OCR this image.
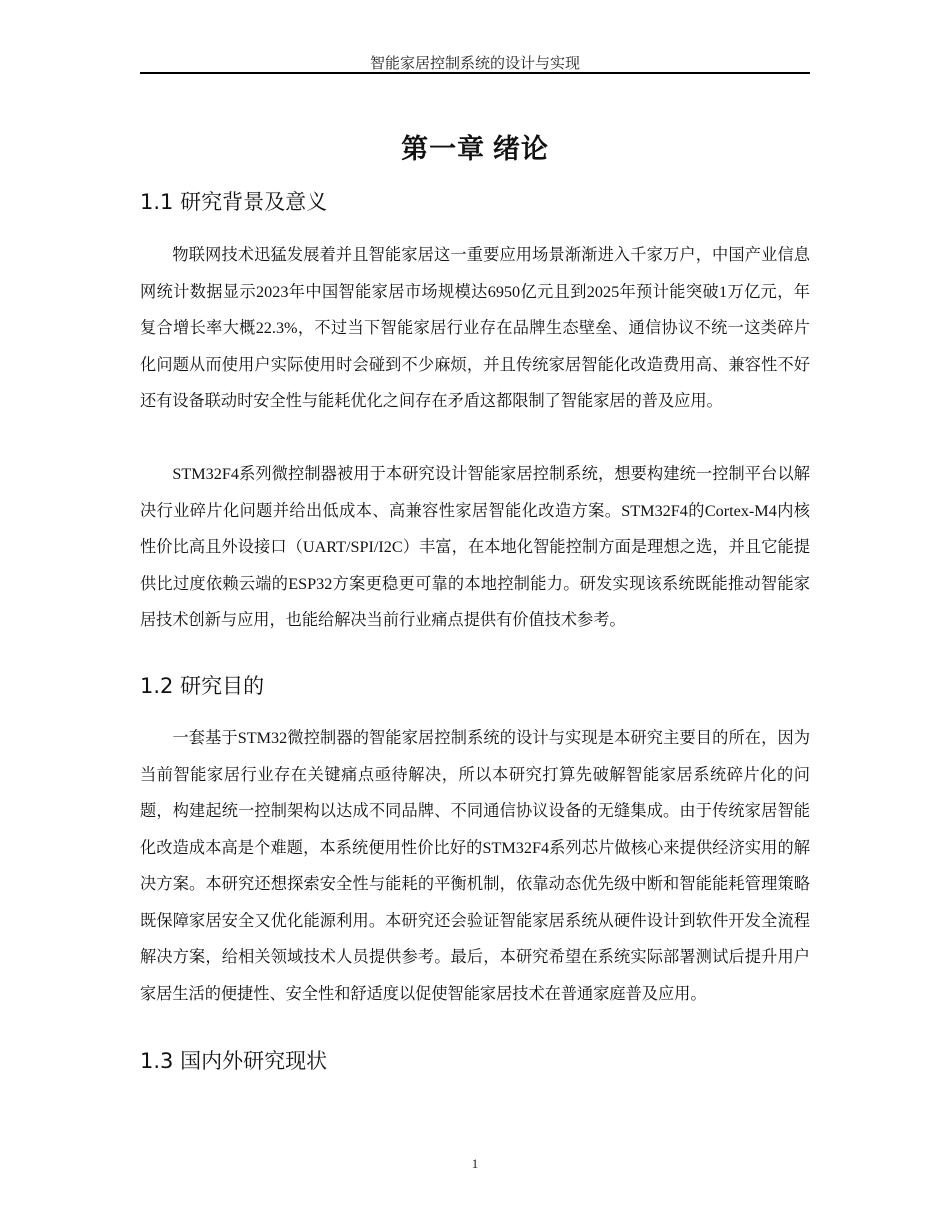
智能家居控制系统的设计与实现
第一章 绪论
1.1 研究背景及意义

物联网技术迅猛发展着并且智能家居这一重要应用场景渐渐进入千家万户，中国产业信息网统计数据显示2023年中国智能家居市场规模达6950亿元且到2025年预计能突破1万亿元，年复合增长率大概22.3%，不过当下智能家居行业存在品牌生态壁垒、通信协议不统一这类碎片化问题从而使用户实际使用时会碰到不少麻烦，并且传统家居智能化改造费用高、兼容性不好还有设备联动时安全性与能耗优化之间存在矛盾这都限制了智能家居的普及应用。

STM32F4系列微控制器被用于本研究设计智能家居控制系统，想要构建统一控制平台以解决行业碎片化问题并给出低成本、高兼容性家居智能化改造方案。STM32F4的Cortex-M4内核性价比高且外设接口（UART/SPI/I2C）丰富，在本地化智能控制方面是理想之选，并且它能提供比过度依赖云端的ESP32方案更稳更可靠的本地控制能力。研发实现该系统既能推动智能家居技术创新与应用，也能给解决当前行业痛点提供有价值技术参考。

1.2 研究目的

一套基于STM32微控制器的智能家居控制系统的设计与实现是本研究主要目的所在，因为当前智能家居行业存在关键痛点亟待解决，所以本研究打算先破解智能家居系统碎片化的问题，构建起统一控制架构以达成不同品牌、不同通信协议设备的无缝集成。由于传统家居智能化改造成本高是个难题，本系统便用性价比好的STM32F4系列芯片做核心来提供经济实用的解决方案。本研究还想探索安全性与能耗的平衡机制，依靠动态优先级中断和智能能耗管理策略既保障家居安全又优化能源利用。本研究还会验证智能家居系统从硬件设计到软件开发全流程解决方案，给相关领域技术人员提供参考。最后，本研究希望在系统实际部署测试后提升用户家居生活的便捷性、安全性和舒适度以促使智能家居技术在普通家庭普及应用。

1.3 国内外研究现状
1
